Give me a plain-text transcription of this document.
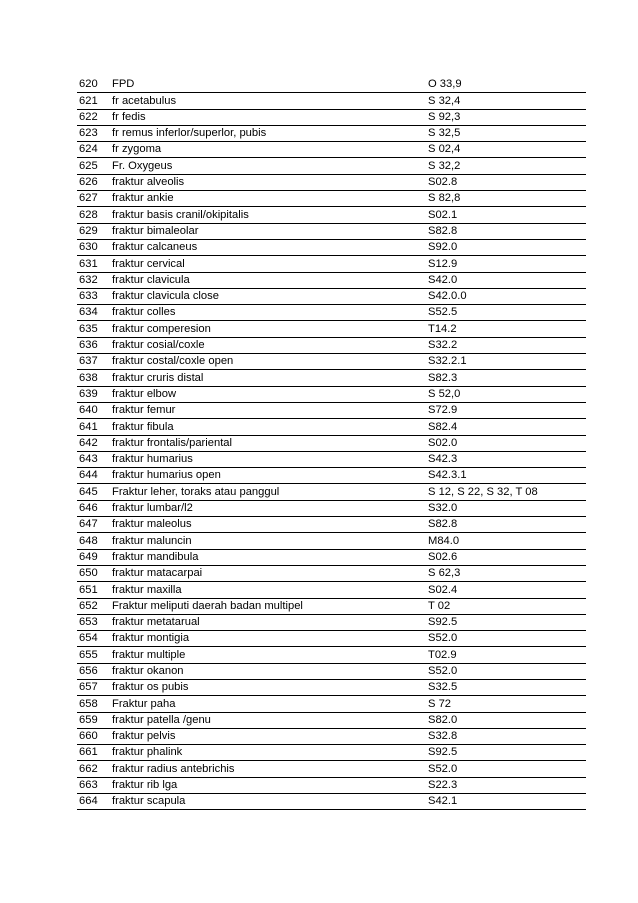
620	FPD	O 33,9
621	fr acetabulus	S 32,4
622	fr fedis	S 92,3
623	fr remus inferlor/superlor, pubis	S 32,5
624	fr zygoma	S 02,4
625	Fr. Oxygeus	S 32,2
626	fraktur alveolis	S02.8
627	fraktur ankie	S 82,8
628	fraktur basis cranil/okipitalis	S02.1
629	fraktur bimaleolar	S82.8
630	fraktur calcaneus	S92.0
631	fraktur cervical	S12.9
632	fraktur clavicula	S42.0
633	fraktur clavicula close	S42.0.0
634	fraktur colles	S52.5
635	fraktur comperesion	T14.2
636	fraktur cosial/coxle	S32.2
637	fraktur costal/coxle open	S32.2.1
638	fraktur cruris distal	S82.3
639	fraktur elbow	S 52,0
640	fraktur femur	S72.9
641	fraktur fibula	S82.4
642	fraktur frontalis/pariental	S02.0
643	fraktur humarius	S42.3
644	fraktur humarius open	S42.3.1
645	Fraktur leher, toraks atau panggul	S 12, S 22, S 32, T 08
646	fraktur lumbar/l2	S32.0
647	fraktur maleolus	S82.8
648	fraktur maluncin	M84.0
649	fraktur mandibula	S02.6
650	fraktur matacarpai	S 62,3
651	fraktur maxilla	S02.4
652	Fraktur meliputi daerah badan multipel	T 02
653	fraktur metatarual	S92.5
654	fraktur montigia	S52.0
655	fraktur multiple	T02.9
656	fraktur okanon	S52.0
657	fraktur os pubis	S32.5
658	Fraktur paha	S 72
659	fraktur patella /genu	S82.0
660	fraktur pelvis	S32.8
661	fraktur phalink	S92.5
662	fraktur radius antebrichis	S52.0
663	fraktur rib lga	S22.3
664	fraktur scapula	S42.1
